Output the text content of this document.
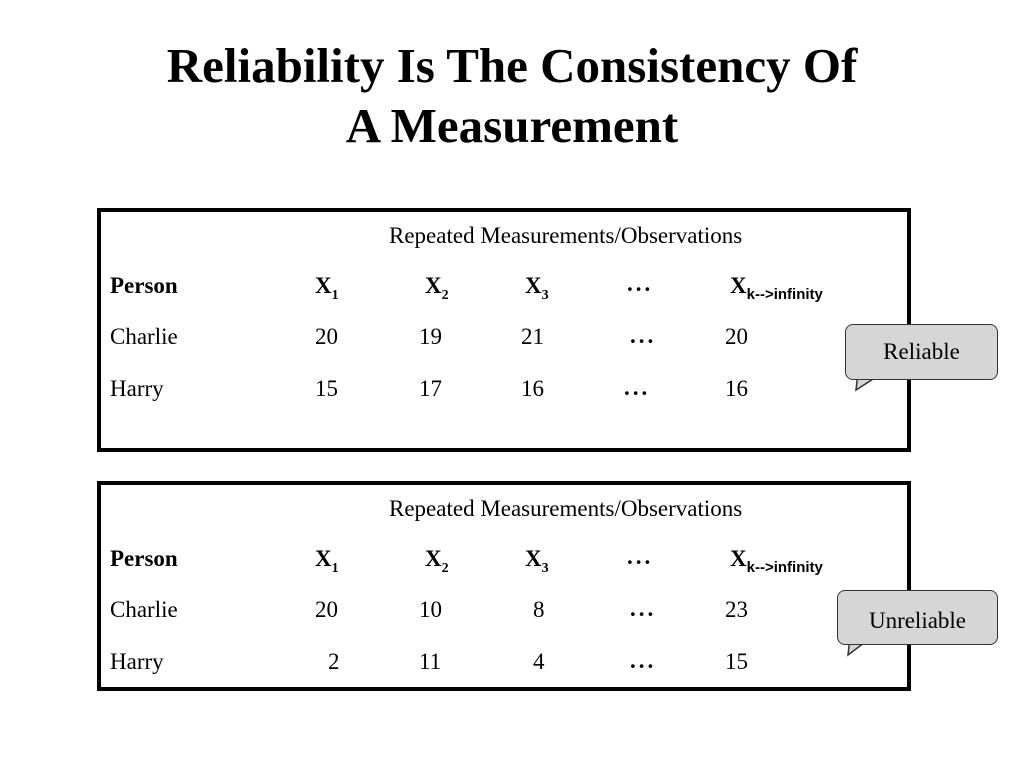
Reliability Is The Consistency Of
A Measurement
Repeated Measurements/Observations
Person	$X_1$	$X_2$	$X_3$	...	$X_{k-->infinity}$
Charlie	20	19	21	...	20
Harry	15	17	16	...	16
Reliable
Repeated Measurements/Observations
Person	$X_1$	$X_2$	$X_3$	...	$X_{k-->infinity}$
Charlie	20	10	8	...	23
Harry	2	11	4	...	15
Unreliable
